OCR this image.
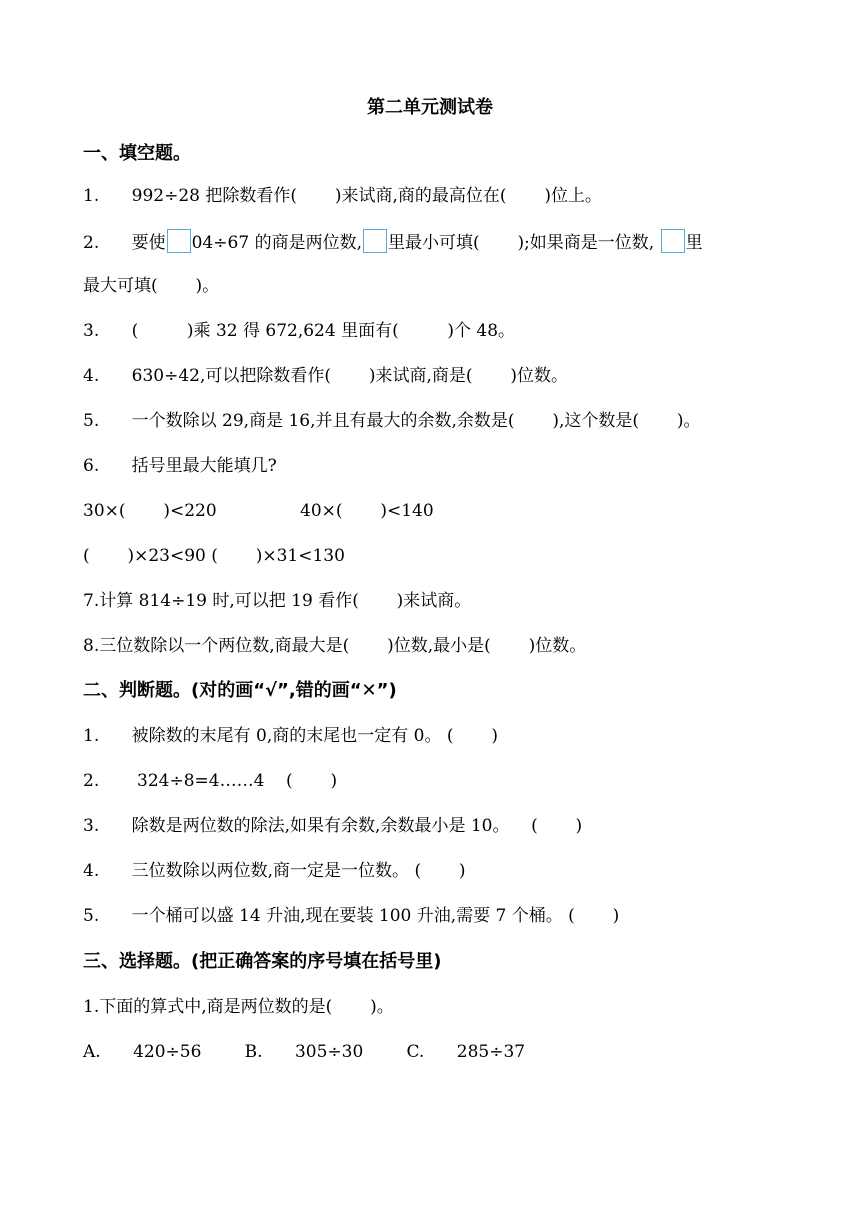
第二单元测试卷
一、填空题。
1.      992÷28 把除数看作(       )来试商,商的最高位在(       )位上。
2.      要使 04÷67 的商是两位数, 里最小可填(       );如果商是一位数, 里
最大可填(       )。
3.      (         )乘 32 得 672,624 里面有(         )个 48。
4.      630÷42,可以把除数看作(       )来试商,商是(       )位数。
5.      一个数除以 29,商是 16,并且有最大的余数,余数是(       ),这个数是(       )。
6.      括号里最大能填几?
30×(       )<220	40×(       )<140
(       )×23<90 (       )×31<130
7.计算 814÷19 时,可以把 19 看作(       )来试商。
8.三位数除以一个两位数,商最大是(       )位数,最小是(       )位数。
二、判断题。(对的画“√”,错的画“✕”)
1.      被除数的末尾有 0,商的末尾也一定有 0。 (       )
2.       324÷8=4……4    (       )
3.      除数是两位数的除法,如果有余数,余数最小是 10。    (       )
4.      三位数除以两位数,商一定是一位数。 (       )
5.      一个桶可以盛 14 升油,现在要装 100 升油,需要 7 个桶。 (       )
三、选择题。(把正确答案的序号填在括号里)
1.下面的算式中,商是两位数的是(       )。
A.      420÷56        B.      305÷30        C.      285÷37
